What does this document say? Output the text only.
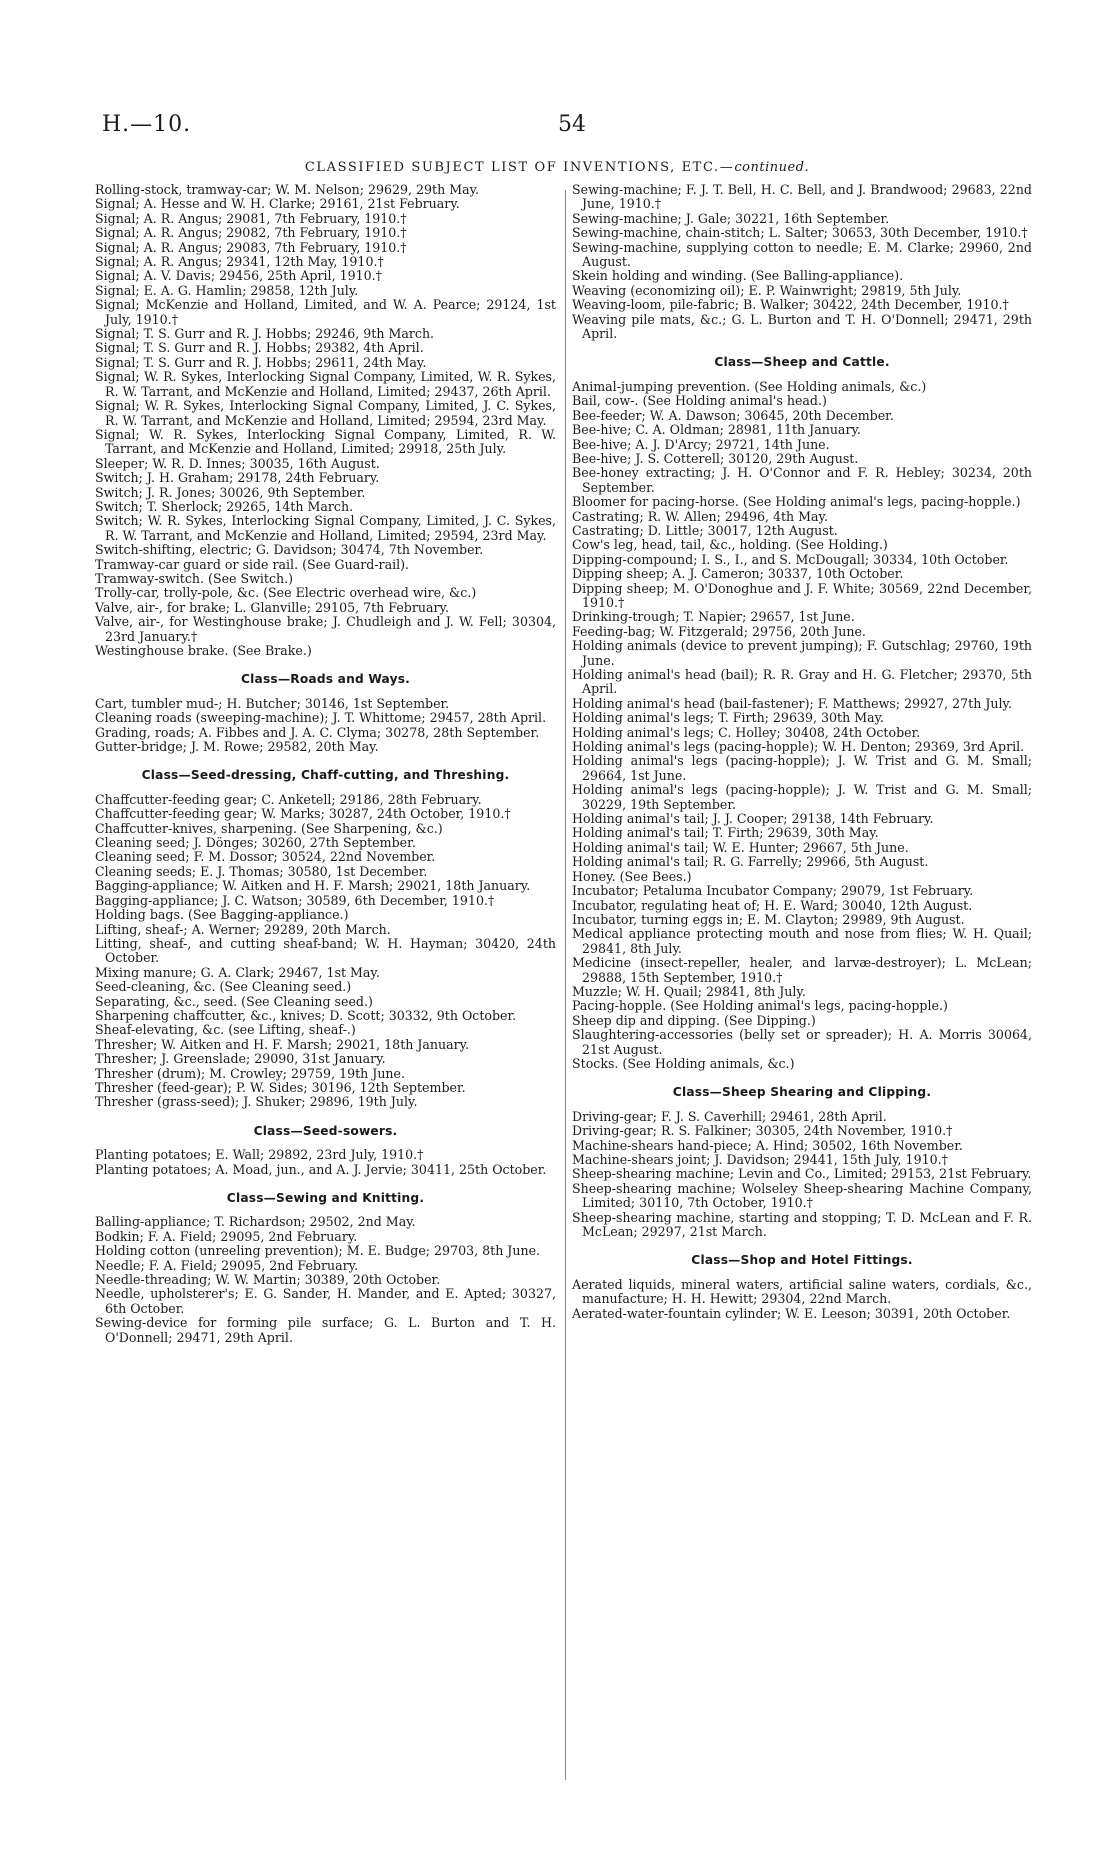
H.—10.	54
CLASSIFIED SUBJECT LIST OF INVENTIONS, ETC.—continued.

Rolling-stock, tramway-car; W. M. Nelson; 29629, 29th May.

Signal; A. Hesse and W. H. Clarke; 29161, 21st February.

Signal; A. R. Angus; 29081, 7th February, 1910.†

Signal; A. R. Angus; 29082, 7th February, 1910.†

Signal; A. R. Angus; 29083, 7th February, 1910.†

Signal; A. R. Angus; 29341, 12th May, 1910.†

Signal; A. V. Davis; 29456, 25th April, 1910.†

Signal; E. A. G. Hamlin; 29858, 12th July.

Signal; McKenzie and Holland, Limited, and W. A. Pearce; 29124, 1st July, 1910.†

Signal; T. S. Gurr and R. J. Hobbs; 29246, 9th March.

Signal; T. S. Gurr and R. J. Hobbs; 29382, 4th April.

Signal; T. S. Gurr and R. J. Hobbs; 29611, 24th May.

Signal; W. R. Sykes, Interlocking Signal Company, Limited, W. R. Sykes, R. W. Tarrant, and McKenzie and Holland, Limited; 29437, 26th April.

Signal; W. R. Sykes, Interlocking Signal Company, Limited, J. C. Sykes, R. W. Tarrant, and McKenzie and Holland, Limited; 29594, 23rd May.

Signal; W. R. Sykes, Interlocking Signal Company, Limited, R. W. Tarrant, and McKenzie and Holland, Limited; 29918, 25th July.

Sleeper; W. R. D. Innes; 30035, 16th August.

Switch; J. H. Graham; 29178, 24th February.

Switch; J. R. Jones; 30026, 9th September.

Switch; T. Sherlock; 29265, 14th March.

Switch; W. R. Sykes, Interlocking Signal Company, Limited, J. C. Sykes, R. W. Tarrant, and McKenzie and Holland, Limited; 29594, 23rd May.

Switch-shifting, electric; G. Davidson; 30474, 7th November.

Tramway-car guard or side rail. (See Guard-rail).

Tramway-switch. (See Switch.)

Trolly-car, trolly-pole, &c. (See Electric overhead wire, &c.)

Valve, air-, for brake; L. Glanville; 29105, 7th February.

Valve, air-, for Westinghouse brake; J. Chudleigh and J. W. Fell; 30304, 23rd January.†

Westinghouse brake. (See Brake.)

Class—Roads and Ways.

Cart, tumbler mud-; H. Butcher; 30146, 1st September.

Cleaning roads (sweeping-machine); J. T. Whittome; 29457, 28th April.

Grading, roads; A. Fibbes and J. A. C. Clyma; 30278, 28th September.

Gutter-bridge; J. M. Rowe; 29582, 20th May.

Class—Seed-dressing, Chaff-cutting, and Threshing.

Chaffcutter-feeding gear; C. Anketell; 29186, 28th February.

Chaffcutter-feeding gear; W. Marks; 30287, 24th October, 1910.†

Chaffcutter-knives, sharpening. (See Sharpening, &c.)

Cleaning seed; J. Dönges; 30260, 27th September.

Cleaning seed; F. M. Dossor; 30524, 22nd November.

Cleaning seeds; E. J. Thomas; 30580, 1st December.

Bagging-appliance; W. Aitken and H. F. Marsh; 29021, 18th January.

Bagging-appliance; J. C. Watson; 30589, 6th December, 1910.†

Holding bags. (See Bagging-appliance.)

Lifting, sheaf-; A. Werner; 29289, 20th March.

Litting, sheaf-, and cutting sheaf-band; W. H. Hayman; 30420, 24th October.

Mixing manure; G. A. Clark; 29467, 1st May.

Seed-cleaning, &c. (See Cleaning seed.)

Separating, &c., seed. (See Cleaning seed.)

Sharpening chaffcutter, &c., knives; D. Scott; 30332, 9th October.

Sheaf-elevating, &c. (see Lifting, sheaf-.)

Thresher; W. Aitken and H. F. Marsh; 29021, 18th January.

Thresher; J. Greenslade; 29090, 31st January.

Thresher (drum); M. Crowley; 29759, 19th June.

Thresher (feed-gear); P. W. Sides; 30196, 12th September.

Thresher (grass-seed); J. Shuker; 29896, 19th July.

Class—Seed-sowers.

Planting potatoes; E. Wall; 29892, 23rd July, 1910.†

Planting potatoes; A. Moad, jun., and A. J. Jervie; 30411, 25th October.

Class—Sewing and Knitting.

Balling-appliance; T. Richardson; 29502, 2nd May.

Bodkin; F. A. Field; 29095, 2nd February.

Holding cotton (unreeling prevention); M. E. Budge; 29703, 8th June.

Needle; F. A. Field; 29095, 2nd February.

Needle-threading; W. W. Martin; 30389, 20th October.

Needle, upholsterer's; E. G. Sander, H. Mander, and E. Apted; 30327, 6th October.

Sewing-device for forming pile surface; G. L. Burton and T. H. O'Donnell; 29471, 29th April.

Sewing-machine; F. J. T. Bell, H. C. Bell, and J. Brandwood; 29683, 22nd June, 1910.†

Sewing-machine; J. Gale; 30221, 16th September.

Sewing-machine, chain-stitch; L. Salter; 30653, 30th December, 1910.†

Sewing-machine, supplying cotton to needle; E. M. Clarke; 29960, 2nd August.

Skein holding and winding. (See Balling-appliance).

Weaving (economizing oil); E. P. Wainwright; 29819, 5th July.

Weaving-loom, pile-fabric; B. Walker; 30422, 24th December, 1910.†

Weaving pile mats, &c.; G. L. Burton and T. H. O'Donnell; 29471, 29th April.

Class—Sheep and Cattle.

Animal-jumping prevention. (See Holding animals, &c.)

Bail, cow-. (See Holding animal's head.)

Bee-feeder; W. A. Dawson; 30645, 20th December.

Bee-hive; C. A. Oldman; 28981, 11th January.

Bee-hive; A. J. D'Arcy; 29721, 14th June.

Bee-hive; J. S. Cotterell; 30120, 29th August.

Bee-honey extracting; J. H. O'Connor and F. R. Hebley; 30234, 20th September.

Bloomer for pacing-horse. (See Holding animal's legs, pacing-hopple.)

Castrating; R. W. Allen; 29496, 4th May.

Castrating; D. Little; 30017, 12th August.

Cow's leg, head, tail, &c., holding. (See Holding.)

Dipping-compound; I. S., I., and S. McDougall; 30334, 10th October.

Dipping sheep; A. J. Cameron; 30337, 10th October.

Dipping sheep; M. O'Donoghue and J. F. White; 30569, 22nd December, 1910.†

Drinking-trough; T. Napier; 29657, 1st June.

Feeding-bag; W. Fitzgerald; 29756, 20th June.

Holding animals (device to prevent jumping); F. Gutschlag; 29760, 19th June.

Holding animal's head (bail); R. R. Gray and H. G. Fletcher; 29370, 5th April.

Holding animal's head (bail-fastener); F. Matthews; 29927, 27th July.

Holding animal's legs; T. Firth; 29639, 30th May.

Holding animal's legs; C. Holley; 30408, 24th October.

Holding animal's legs (pacing-hopple); W. H. Denton; 29369, 3rd April.

Holding animal's legs (pacing-hopple); J. W. Trist and G. M. Small; 29664, 1st June.

Holding animal's legs (pacing-hopple); J. W. Trist and G. M. Small; 30229, 19th September.

Holding animal's tail; J. J. Cooper; 29138, 14th February.

Holding animal's tail; T. Firth; 29639, 30th May.

Holding animal's tail; W. E. Hunter; 29667, 5th June.

Holding animal's tail; R. G. Farrelly; 29966, 5th August.

Honey. (See Bees.)

Incubator; Petaluma Incubator Company; 29079, 1st February.

Incubator, regulating heat of; H. E. Ward; 30040, 12th August.

Incubator, turning eggs in; E. M. Clayton; 29989, 9th August.

Medical appliance protecting mouth and nose from flies; W. H. Quail; 29841, 8th July.

Medicine (insect-repeller, healer, and larvæ-destroyer); L. McLean; 29888, 15th September, 1910.†

Muzzle; W. H. Quail; 29841, 8th July.

Pacing-hopple. (See Holding animal's legs, pacing-hopple.)

Sheep dip and dipping. (See Dipping.)

Slaughtering-accessories (belly set or spreader); H. A. Morris 30064, 21st August.

Stocks. (See Holding animals, &c.)

Class—Sheep Shearing and Clipping.

Driving-gear; F. J. S. Caverhill; 29461, 28th April.

Driving-gear; R. S. Falkiner; 30305, 24th November, 1910.†

Machine-shears hand-piece; A. Hind; 30502, 16th November.

Machine-shears joint; J. Davidson; 29441, 15th July, 1910.†

Sheep-shearing machine; Levin and Co., Limited; 29153, 21st February.

Sheep-shearing machine; Wolseley Sheep-shearing Machine Company, Limited; 30110, 7th October, 1910.†

Sheep-shearing machine, starting and stopping; T. D. McLean and F. R. McLean; 29297, 21st March.

Class—Shop and Hotel Fittings.

Aerated liquids, mineral waters, artificial saline waters, cordials, &c., manufacture; H. H. Hewitt; 29304, 22nd March.

Aerated-water-fountain cylinder; W. E. Leeson; 30391, 20th October.
